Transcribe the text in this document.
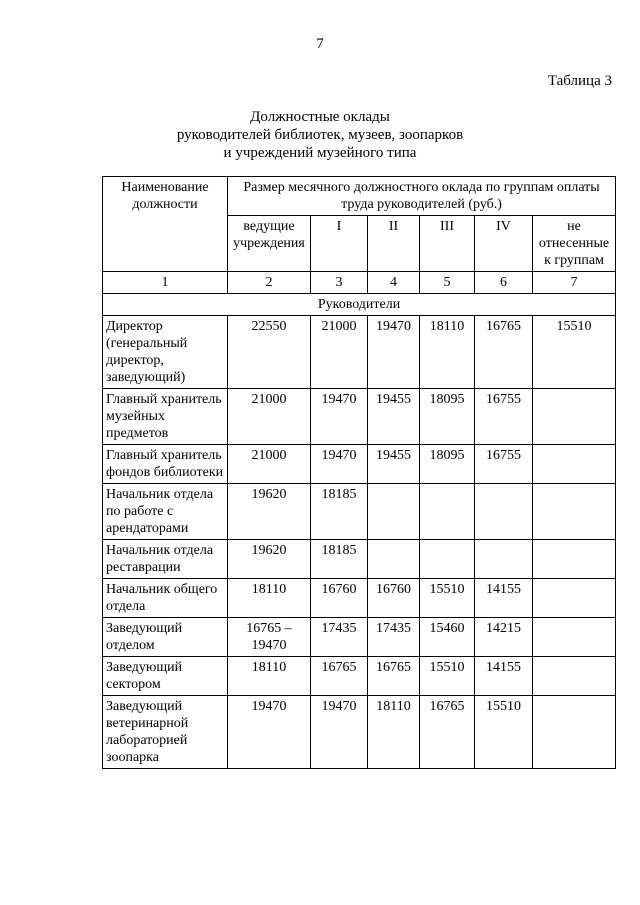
7
Таблица 3
Должностные оклады
руководителей библиотек, музеев, зоопарков
и учреждений музейного типа
Наименование должности	Размер месячного должностного оклада по группам оплаты труда руководителей (руб.)					
	ведущие учреждения	I	II	III	IV	не отнесенные к группам
1	2	3	4	5	6	7
Руководители						
Директор (генеральный директор, заведующий)	22550	21000	19470	18110	16765	15510
Главный хранитель музейных предметов	21000	19470	19455	18095	16755	
Главный хранитель фондов библиотеки	21000	19470	19455	18095	16755	
Начальник отдела по работе с арендаторами	19620	18185				
Начальник отдела реставрации	19620	18185				
Начальник общего отдела	18110	16760	16760	15510	14155	
Заведующий отделом	16765 – 19470	17435	17435	15460	14215	
Заведующий сектором	18110	16765	16765	15510	14155	
Заведующий ветеринарной лабораторией зоопарка	19470	19470	18110	16765	15510	
